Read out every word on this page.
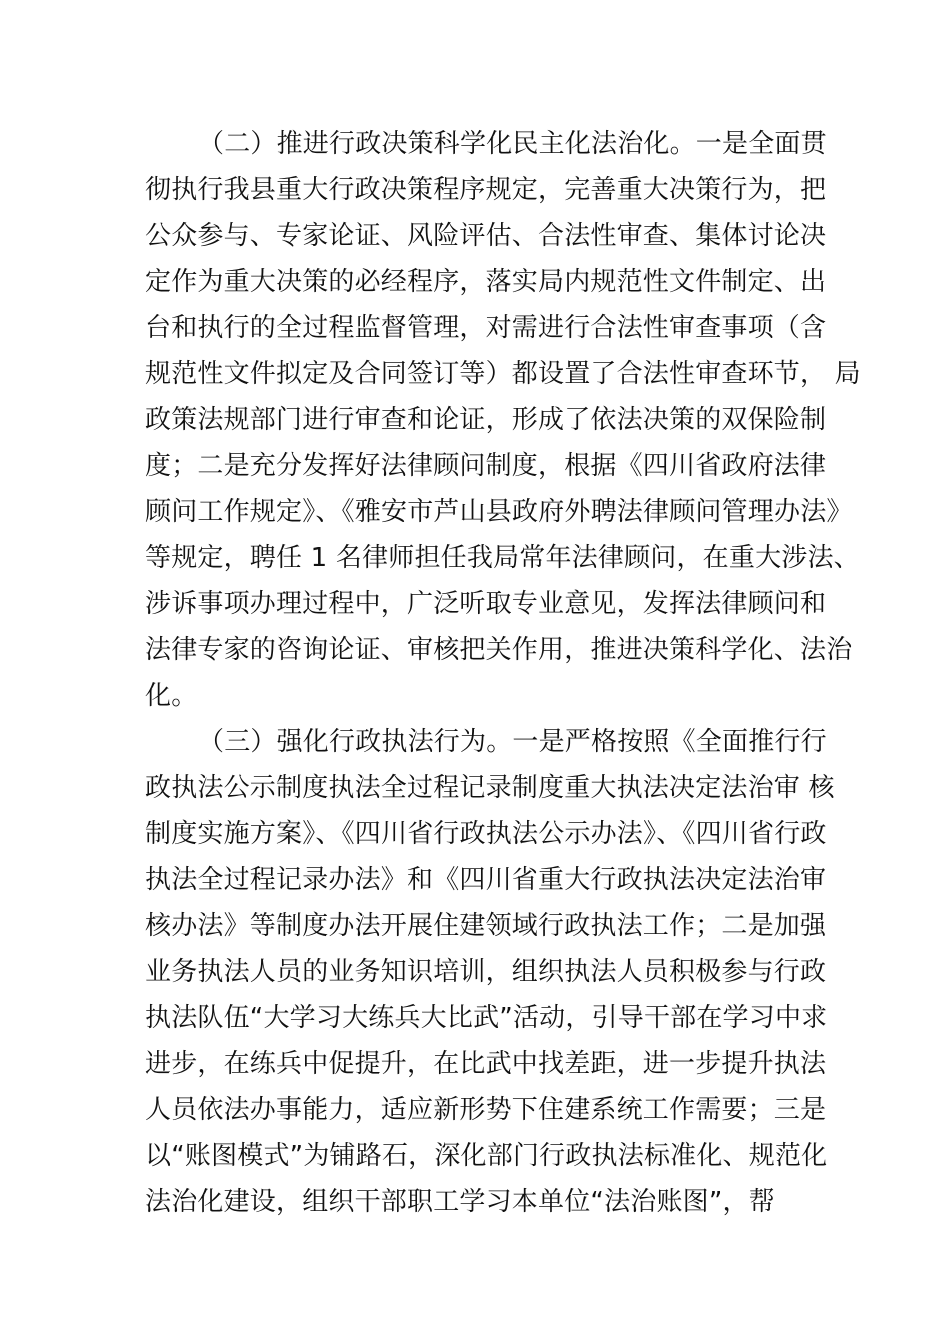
（二）推进行政决策科学化民主化法治化。一是全面贯
彻执行我县重大行政决策程序规定，完善重大决策行为，把
公众参与、专家论证、风险评估、合法性审查、集体讨论决
定作为重大决策的必经程序，落实局内规范性文件制定、出
台和执行的全过程监督管理，对需进行合法性审查事项（含
规范性文件拟定及合同签订等）都设置了合法性审查环节， 局
政策法规部门进行审查和论证，形成了依法决策的双保险制
度；二是充分发挥好法律顾问制度，根据《四川省政府法律
顾问工作规定》、《雅安市芦山县政府外聘法律顾问管理办法》
等规定，聘任 1 名律师担任我局常年法律顾问，在重大涉法、
涉诉事项办理过程中，广泛听取专业意见，发挥法律顾问和
法律专家的咨询论证、审核把关作用，推进决策科学化、法治
化。
（三）强化行政执法行为。一是严格按照《全面推行行
政执法公示制度执法全过程记录制度重大执法决定法治审 核
制度实施方案》、《四川省行政执法公示办法》、《四川省行政
执法全过程记录办法》和《四川省重大行政执法决定法治审
核办法》等制度办法开展住建领域行政执法工作；二是加强
业务执法人员的业务知识培训，组织执法人员积极参与行政
执法队伍“大学习大练兵大比武”活动，引导干部在学习中求
进步，在练兵中促提升，在比武中找差距，进一步提升执法
人员依法办事能力，适应新形势下住建系统工作需要；三是
以“账图模式”为铺路石，深化部门行政执法标准化、规范化
法治化建设，组织干部职工学习本单位“法治账图”，帮
